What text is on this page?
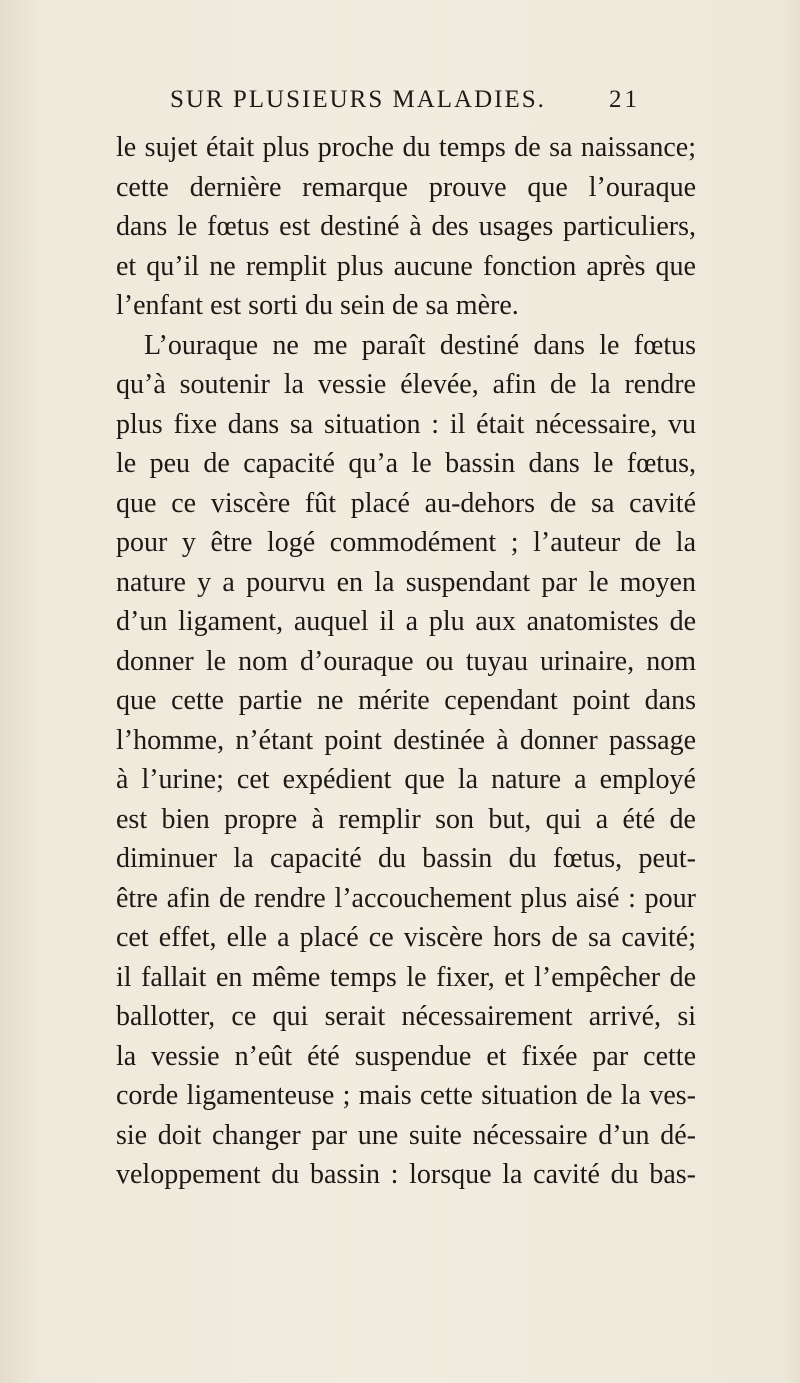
SUR PLUSIEURS MALADIES.	21
le sujet était plus proche du temps de sa naissance;
cette dernière remarque prouve que l’ouraque
dans le fœtus est destiné à des usages particuliers,
et qu’il ne remplit plus aucune fonction après que
l’enfant est sorti du sein de sa mère.
L’ouraque ne me paraît destiné dans le fœtus
qu’à soutenir la vessie élevée, afin de la rendre
plus fixe dans sa situation : il était nécessaire, vu
le peu de capacité qu’a le bassin dans le fœtus,
que ce viscère fût placé au-dehors de sa cavité
pour y être logé commodément ; l’auteur de la
nature y a pourvu en la suspendant par le moyen
d’un ligament, auquel il a plu aux anatomistes de
donner le nom d’ouraque ou tuyau urinaire, nom
que cette partie ne mérite cependant point dans
l’homme, n’étant point destinée à donner passage
à l’urine; cet expédient que la nature a employé
est bien propre à remplir son but, qui a été de
diminuer la capacité du bassin du fœtus, peut-
être afin de rendre l’accouchement plus aisé : pour
cet effet, elle a placé ce viscère hors de sa cavité;
il fallait en même temps le fixer, et l’empêcher de
ballotter, ce qui serait nécessairement arrivé, si
la vessie n’eût été suspendue et fixée par cette
corde ligamenteuse ; mais cette situation de la ves-
sie doit changer par une suite nécessaire d’un dé-
veloppement du bassin : lorsque la cavité du bas-
